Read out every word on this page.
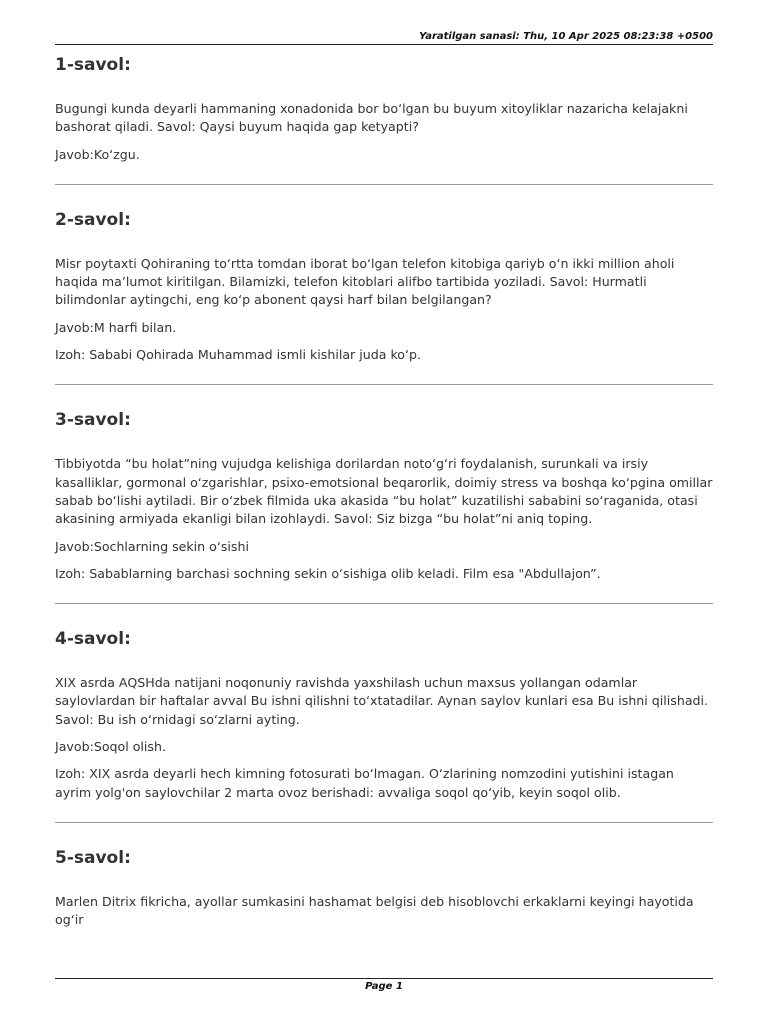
Yaratilgan sanasi: Thu, 10 Apr 2025 08:23:38 +0500
1-savol:

Bugungi kunda deyarli hammaning xonadonida bor bo‘lgan bu buyum xitoyliklar nazaricha kelajakni bashorat qiladi. Savol: Qaysi buyum haqida gap ketyapti?

Javob:Ko‘zgu.

2-savol:

Misr poytaxti Qohiraning to‘rtta tomdan iborat bo‘lgan telefon kitobiga qariyb o‘n ikki million aholi haqida ma’lumot kiritilgan. Bilamizki, telefon kitoblari alifbo tartibida yoziladi. Savol: Hurmatli bilimdonlar aytingchi, eng ko‘p abonent qaysi harf bilan belgilangan?

Javob:M harfi bilan.

Izoh: Sababi Qohirada Muhammad ismli kishilar juda ko‘p.

3-savol:

Tibbiyotda “bu holat”ning vujudga kelishiga dorilardan noto‘g‘ri foydalanish, surunkali va irsiy kasalliklar, gormonal o‘zgarishlar, psixo-emotsional beqarorlik, doimiy stress va boshqa ko‘pgina omillar sabab bo‘lishi aytiladi. Bir o‘zbek filmida uka akasida “bu holat” kuzatilishi sababini so‘raganida, otasi akasining armiyada ekanligi bilan izohlaydi. Savol: Siz bizga “bu holat”ni aniq toping.

Javob:Sochlarning sekin o‘sishi

Izoh: Sabablarning barchasi sochning sekin o‘sishiga olib keladi. Film esa "Abdullajon”.

4-savol:

XIX asrda AQSHda natijani noqonuniy ravishda yaxshilash uchun maxsus yollangan odamlar saylovlardan bir haftalar avval Bu ishni qilishni to‘xtatadilar. Aynan saylov kunlari esa Bu ishni qilishadi. Savol: Bu ish o‘rnidagi so‘zlarni ayting.

Javob:Soqol olish.

Izoh: XIX asrda deyarli hech kimning fotosurati bo‘lmagan. O‘zlarining nomzodini yutishini istagan ayrim yolg'on saylovchilar 2 marta ovoz berishadi: avvaliga soqol qo‘yib, keyin soqol olib.

5-savol:

Marlen Ditrix fikricha, ayollar sumkasini hashamat belgisi deb hisoblovchi erkaklarni keyingi hayotida og‘ir

Page 1
